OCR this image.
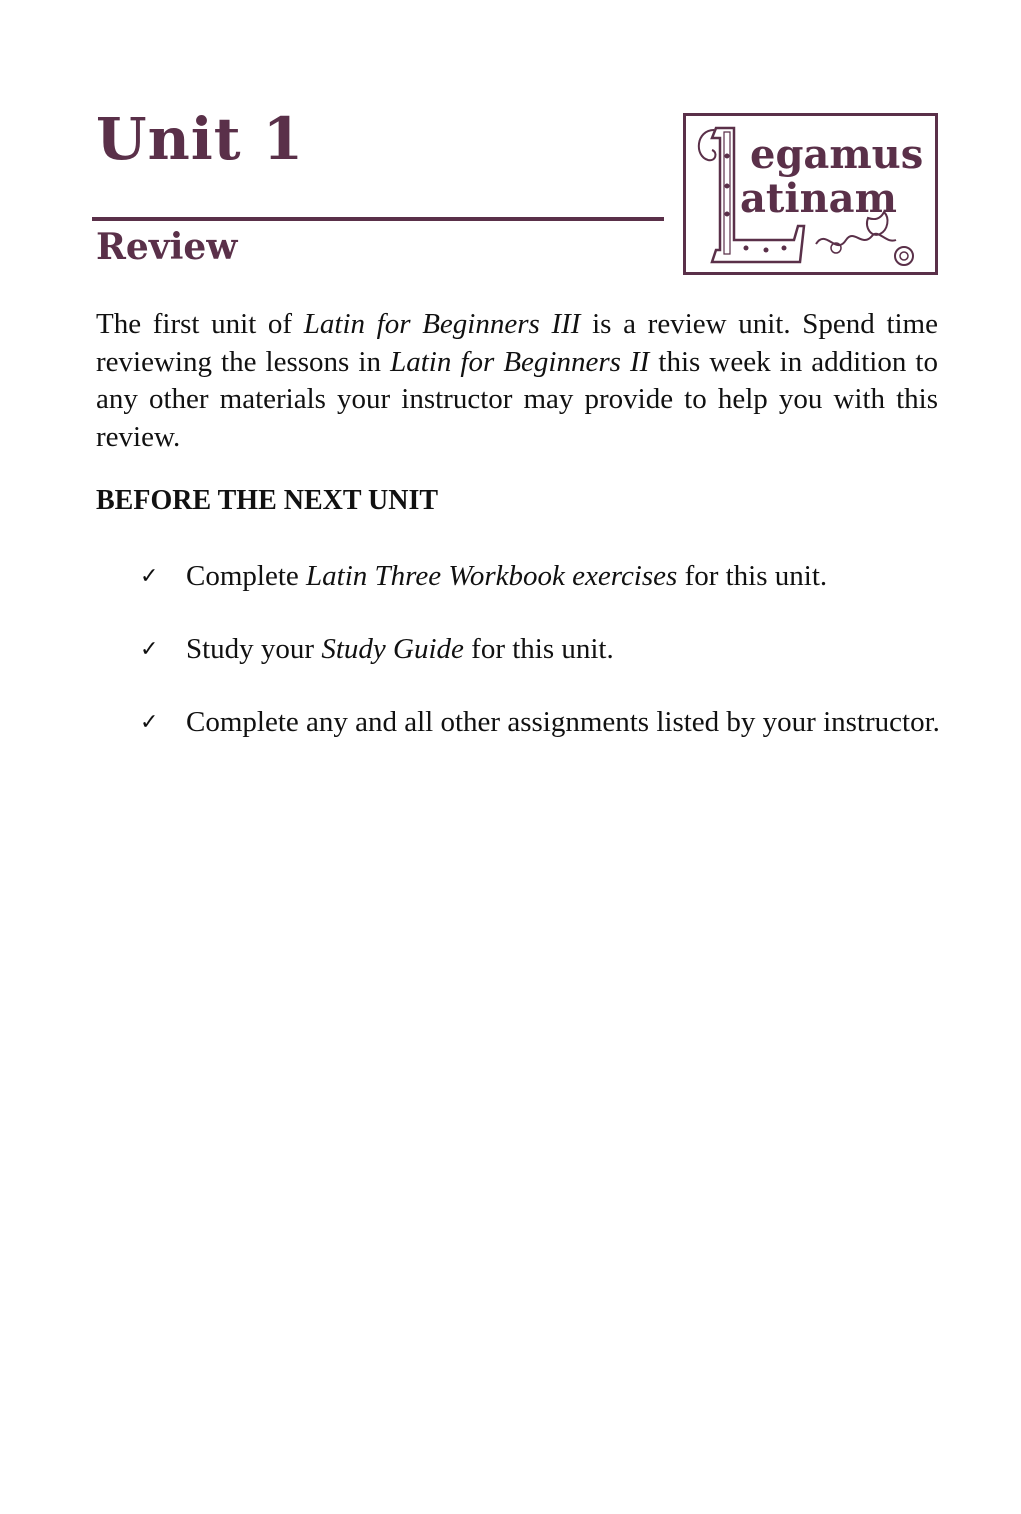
Unit 1
Review
egamus
atinam

The first unit of Latin for Beginners III is a review unit. Spend time reviewing the lessons in Latin for Beginners II this week in addition to any other materials your instructor may provide to help you with this review.

BEFORE THE NEXT UNIT
✓ Complete Latin Three Workbook exercises for this unit.
✓ Study your Study Guide for this unit.
✓ Complete any and all other assignments listed by your instructor.
